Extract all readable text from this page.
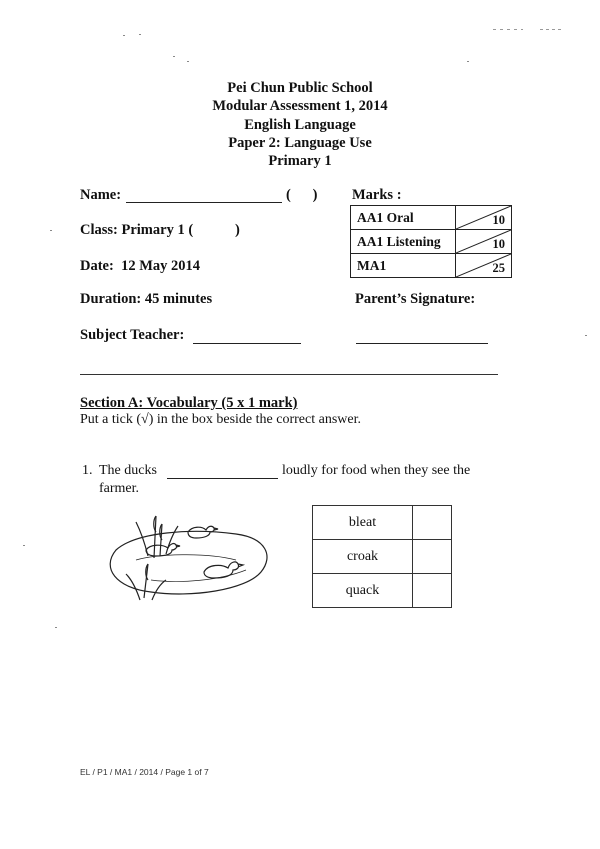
Pei Chun Public School
Modular Assessment 1, 2014
English Language
Paper 2: Language Use
Primary 1
Name:	(      )
Class: Primary 1 (	)
Date:  12 May 2014
Duration: 45 minutes
Subject Teacher:
Marks :
AA1 Oral	10

AA1 Listening	10

MA1	25
Parent’s Signature:
Section A: Vocabulary (5 x 1 mark)
Put a tick (√) in the box beside the correct answer.
1. The ducks	loudly for food when they see the
farmer.
bleat	
croak	
quack	
EL / P1 / MA1 / 2014 / Page 1 of 7
